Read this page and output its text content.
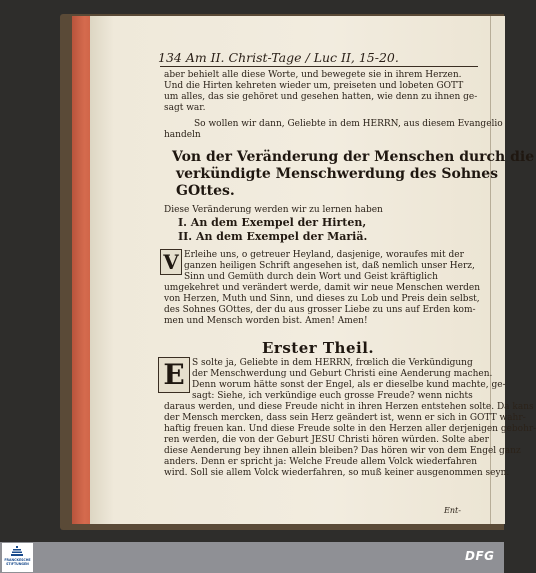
134 Am II. Christ-Tage / Luc II, 15-20.
aber behielt alle diese Worte, und bewegete sie in ihrem Herzen.
Und die Hirten kehreten wieder um, preiseten und lobeten GOTT
um alles, das sie gehöret und gesehen hatten, wie denn zu ihnen ge-
sagt war.
So wollen wir dann, Geliebte in dem HERRN, aus diesem Evangelio
handeln
Von der Veränderung der Menschen durch die
verkündigte Menschwerdung des Sohnes
GOttes.
Diese Veränderung werden wir zu lernen haben
I. An dem Exempel der Hirten,
II. An dem Exempel der Mariä.
V Erleihe uns, o getreuer Heyland, dasjenige, woraufes mit der
ganzen heiligen Schrift angesehen ist, daß nemlich unser Herz,
Sinn und Gemüth durch dein Wort und Geist kräftiglich
umgekehret und verändert werde, damit wir neue Menschen werden
von Herzen, Muth und Sinn, und dieses zu Lob und Preis dein selbst,
des Sohnes GOttes, der du aus grosser Liebe zu uns auf Erden kom-
men und Mensch worden bist. Amen! Amen!
Erster Theil.
E S solte ja, Geliebte in dem HERRN, frœlich die Verkündigung
der Menschwerdung und Geburt Christi eine Aenderung machen.
Denn worum hätte sonst der Engel, als er dieselbe kund machte, ge-
sagt: Siehe, ich verkündige euch grosse Freude? wenn nichts
daraus werden, und diese Freude nicht in ihren Herzen entstehen solte. Da kans
der Mensch mercken, dass sein Herz geändert ist, wenn er sich in GOTT wahr-
haftig freuen kan. Und diese Freude solte in den Herzen aller derjenigen gebohr-
ren werden, die von der Geburt JESU Christi hören würden. Solte aber
diese Aenderung bey ihnen allein bleiben? Das hören wir von dem Engel ganz
anders. Denn er spricht ja: Welche Freude allem Volck wiederfahren
wird. Soll sie allem Volck wiederfahren, so muß keiner ausgenommen seyn.
Ent-
FRANCKESCHE STIFTUNGEN
DFG
